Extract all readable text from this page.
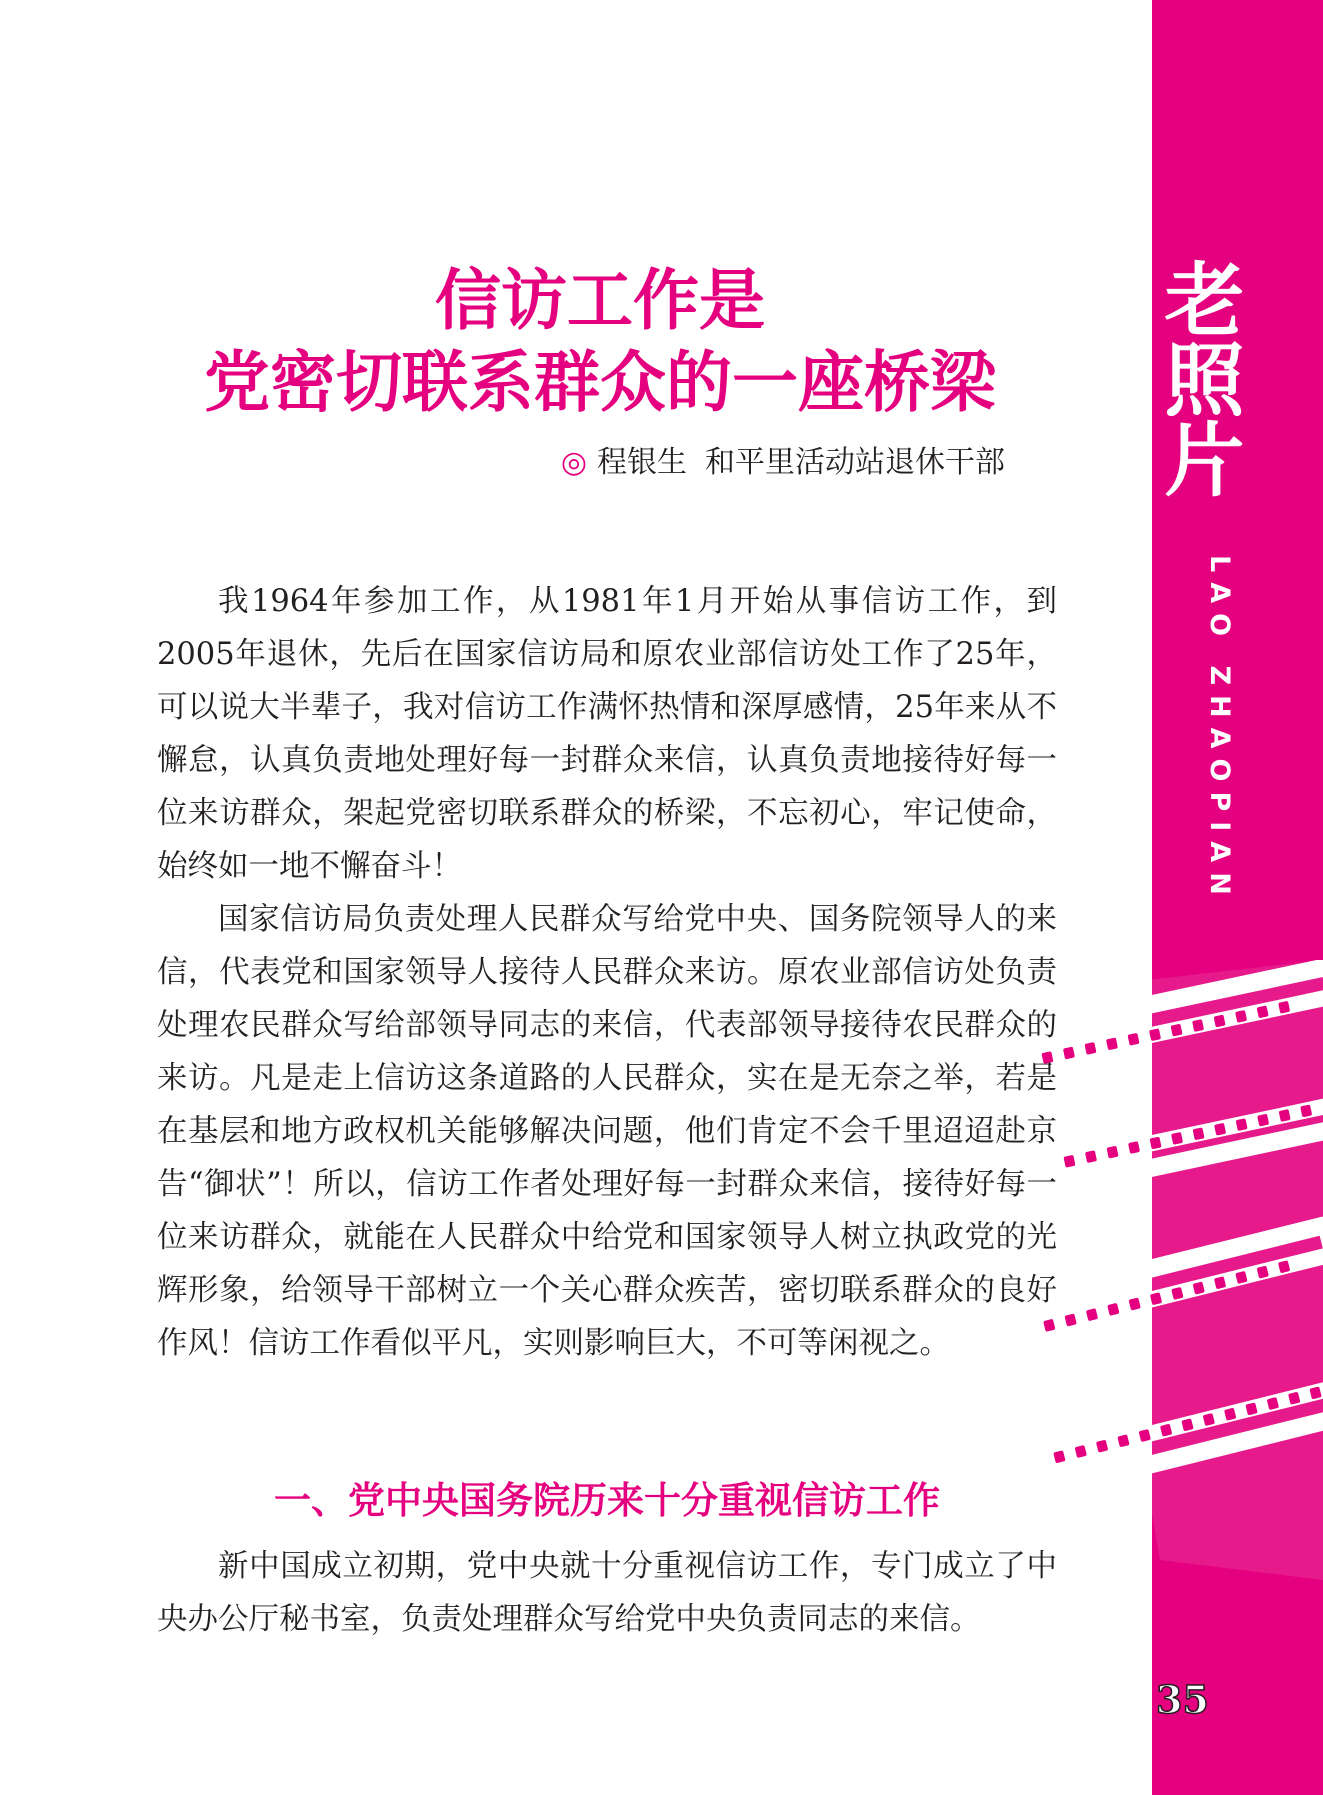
老照片
LAO ZHAOPIAN
35
信访工作是
党密切联系群众的一座桥梁
◎ 程银生 和平里活动站退休干部

我1964年参加工作，从1981年1月开始从事信访工作，到2005年退休，先后在国家信访局和原农业部信访处工作了25年，可以说大半辈子，我对信访工作满怀热情和深厚感情，25年来从不懈怠，认真负责地处理好每一封群众来信，认真负责地接待好每一位来访群众，架起党密切联系群众的桥梁，不忘初心，牢记使命，始终如一地不懈奋斗！

国家信访局负责处理人民群众写给党中央、国务院领导人的来信，代表党和国家领导人接待人民群众来访。原农业部信访处负责处理农民群众写给部领导同志的来信，代表部领导接待农民群众的来访。凡是走上信访这条道路的人民群众，实在是无奈之举，若是在基层和地方政权机关能够解决问题，他们肯定不会千里迢迢赴京告“御状”！所以，信访工作者处理好每一封群众来信，接待好每一位来访群众，就能在人民群众中给党和国家领导人树立执政党的光辉形象，给领导干部树立一个关心群众疾苦，密切联系群众的良好作风！信访工作看似平凡，实则影响巨大，不可等闲视之。

一、党中央国务院历来十分重视信访工作

新中国成立初期，党中央就十分重视信访工作，专门成立了中央办公厅秘书室，负责处理群众写给党中央负责同志的来信。
